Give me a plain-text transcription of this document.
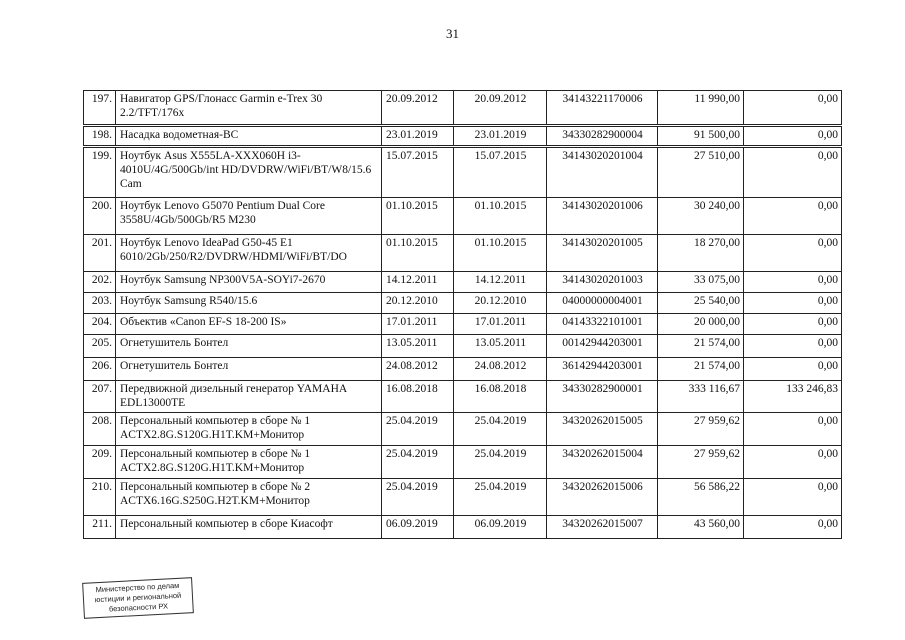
31
197.	Навигатор GPS/Глонасс Garmin e-Trex 30 2.2/TFT/176x	20.09.2012	20.09.2012	34143221170006	11 990,00	0,00
198.	Насадка водометная-ВС	23.01.2019	23.01.2019	34330282900004	91 500,00	0,00
199.	Ноутбук Asus X555LA-XXX060H i3-4010U/4G/500Gb/int HD/DVDRW/WiFi/BT/W8/15.6 Cam	15.07.2015	15.07.2015	34143020201004	27 510,00	0,00
200.	Ноутбук Lenovo G5070 Pentium Dual Core 3558U/4Gb/500Gb/R5 M230	01.10.2015	01.10.2015	34143020201006	30 240,00	0,00
201.	Ноутбук Lenovo IdeaPad G50-45 E1 6010/2Gb/250/R2/DVDRW/HDMI/WiFi/BT/DO	01.10.2015	01.10.2015	34143020201005	18 270,00	0,00
202.	Ноутбук Samsung NP300V5A-SOYi7-2670	14.12.2011	14.12.2011	34143020201003	33 075,00	0,00
203.	Ноутбук Samsung R540/15.6	20.12.2010	20.12.2010	04000000004001	25 540,00	0,00
204.	Объектив «Canon EF-S 18-200 IS»	17.01.2011	17.01.2011	04143322101001	20 000,00	0,00
205.	Огнетушитель Бонтел	13.05.2011	13.05.2011	00142944203001	21 574,00	0,00
206.	Огнетушитель Бонтел	24.08.2012	24.08.2012	36142944203001	21 574,00	0,00
207.	Передвижной дизельный генератор YAMAHA EDL13000TE	16.08.2018	16.08.2018	34330282900001	333 116,67	133 246,83
208.	Персональный компьютер в сборе № 1 ACTX2.8G.S120G.H1T.KM+Монитор	25.04.2019	25.04.2019	34320262015005	27 959,62	0,00
209.	Персональный компьютер в сборе № 1 ACTX2.8G.S120G.H1T.KM+Монитор	25.04.2019	25.04.2019	34320262015004	27 959,62	0,00
210.	Персональный компьютер в сборе № 2 ACTX6.16G.S250G.H2T.KM+Монитор	25.04.2019	25.04.2019	34320262015006	56 586,22	0,00
211.	Персональный компьютер в сборе Киасофт	06.09.2019	06.09.2019	34320262015007	43 560,00	0,00
Министерство по делам
юстиции и региональной
безопасности РХ
